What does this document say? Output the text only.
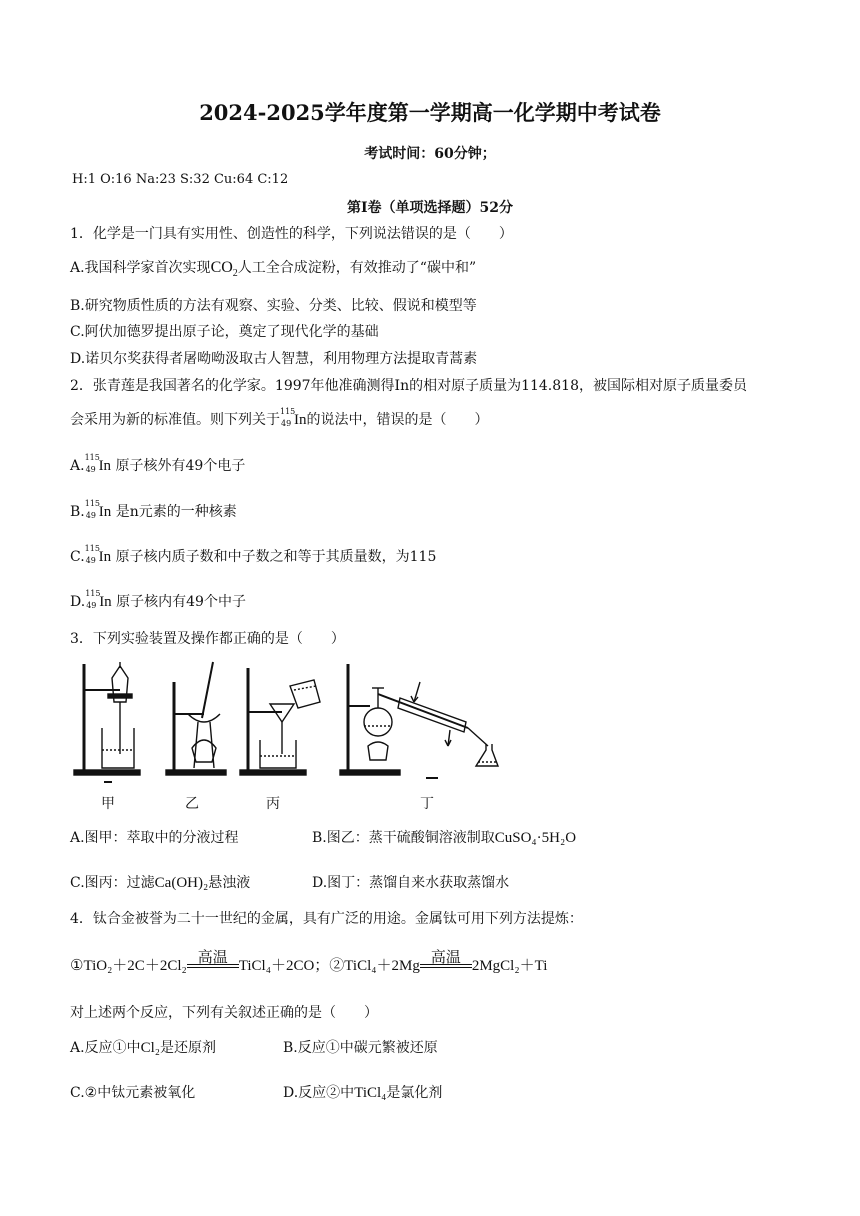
2024-2025学年度第一学期高一化学期中考试卷
考试时间：60分钟；
H:1 O:16 Na:23 S:32 Cu:64 C:12
第I卷（单项选择题）52分
1．化学是一门具有实用性、创造性的科学，下列说法错误的是（　　）
A.我国科学家首次实现$CO_2$人工全合成淀粉，有效推动了“碳中和”
B.研究物质性质的方法有观察、实验、分类、比较、假说和模型等
C.阿伏加德罗提出原子论，奠定了现代化学的基础
D.诺贝尔奖获得者屠呦呦汲取古人智慧，利用物理方法提取青蒿素
2．张青莲是我国著名的化学家。1997年他准确测得In的相对原子质量为114.818，被国际相对原子质量委员
会采用为新的标准值。则下列关于
115
49 In的说法中，错误的是（　　）
A.
115
49 In 原子核外有49个电子
B.
115
49 In 是n元素的一种核素
C.
115
49 In 原子核内质子数和中子数之和等于其质量数，为115
D.
115
49 In 原子核内有49个中子
3．下列实验装置及操作都正确的是（　　）
甲	乙	丙	丁
A.图甲：萃取中的分液过程	B.图乙：蒸干硫酸铜溶液制取CuSO₄·5H₂O
C.图丙：过滤Ca(OH)₂悬浊液	D.图丁：蒸馏自来水获取蒸馏水
4．钛合金被誉为二十一世纪的金属，具有广泛的用途。金属钛可用下列方法提炼：
①TiO₂＋2C＋2Cl₂ 高温 TiCl₄＋2CO；②TiCl₄＋2Mg 高温 2MgCl₂＋Ti
对上述两个反应，下列有关叙述正确的是（　　）
A.反应①中Cl₂是还原剂	B.反应①中碳元繁被还原
C.②中钛元素被氧化	D.反应②中TiCl₄是氯化剂
